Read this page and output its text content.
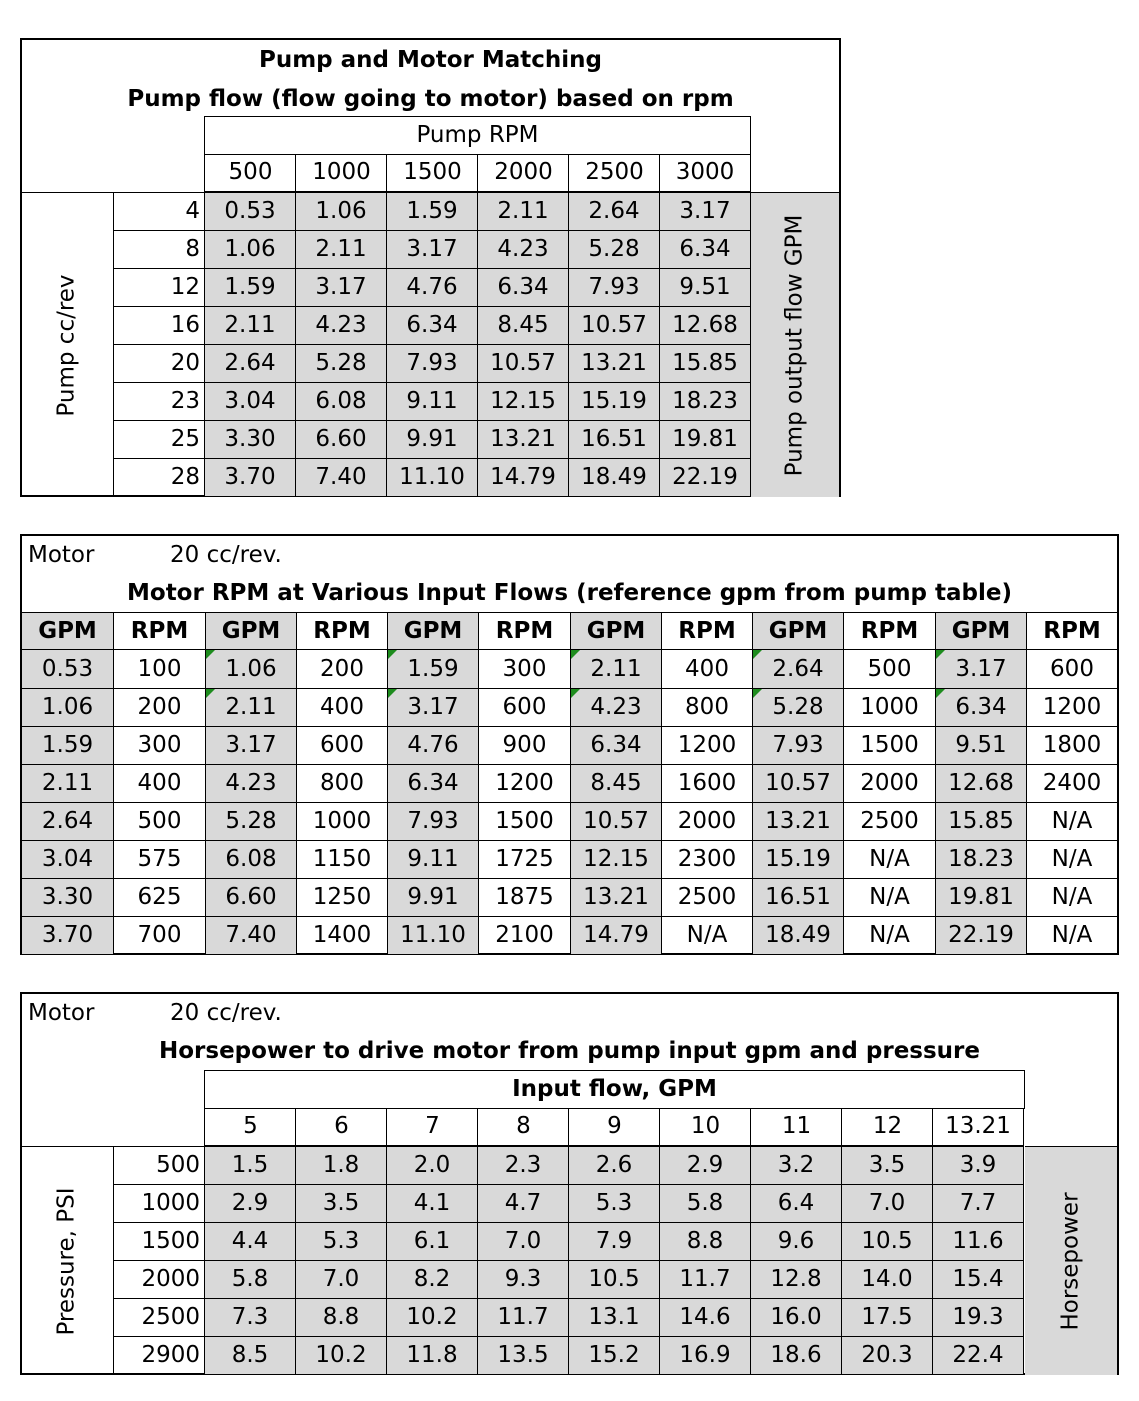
Pump and Motor Matching
Pump flow (flow going to motor) based on rpm
Pump RPM
500	1000	1500	2000	2500	3000
Pump cc/rev
4	0.53	1.06	1.59	2.11	2.64	3.17
8	1.06	2.11	3.17	4.23	5.28	6.34
12	1.59	3.17	4.76	6.34	7.93	9.51
16	2.11	4.23	6.34	8.45	10.57	12.68
20	2.64	5.28	7.93	10.57	13.21	15.85
23	3.04	6.08	9.11	12.15	15.19	18.23
25	3.30	6.60	9.91	13.21	16.51	19.81
28	3.70	7.40	11.10	14.79	18.49	22.19
Pump output flow GPM
Motor	20 cc/rev.
Motor RPM at Various Input Flows (reference gpm from pump table)
GPM	RPM	GPM	RPM	GPM	RPM	GPM	RPM	GPM	RPM	GPM	RPM
0.53	100	1.06	200	1.59	300	2.11	400	2.64	500	3.17	600
1.06	200	2.11	400	3.17	600	4.23	800	5.28	1000	6.34	1200
1.59	300	3.17	600	4.76	900	6.34	1200	7.93	1500	9.51	1800
2.11	400	4.23	800	6.34	1200	8.45	1600	10.57	2000	12.68	2400
2.64	500	5.28	1000	7.93	1500	10.57	2000	13.21	2500	15.85	N/A
3.04	575	6.08	1150	9.11	1725	12.15	2300	15.19	N/A	18.23	N/A
3.30	625	6.60	1250	9.91	1875	13.21	2500	16.51	N/A	19.81	N/A
3.70	700	7.40	1400	11.10	2100	14.79	N/A	18.49	N/A	22.19	N/A
Motor	20 cc/rev.
Horsepower to drive motor from pump input gpm and pressure
Input flow, GPM
5	6	7	8	9	10	11	12	13.21
Pressure, PSI
500	1.5	1.8	2.0	2.3	2.6	2.9	3.2	3.5	3.9
1000	2.9	3.5	4.1	4.7	5.3	5.8	6.4	7.0	7.7
1500	4.4	5.3	6.1	7.0	7.9	8.8	9.6	10.5	11.6
2000	5.8	7.0	8.2	9.3	10.5	11.7	12.8	14.0	15.4
2500	7.3	8.8	10.2	11.7	13.1	14.6	16.0	17.5	19.3
2900	8.5	10.2	11.8	13.5	15.2	16.9	18.6	20.3	22.4
Horsepower
